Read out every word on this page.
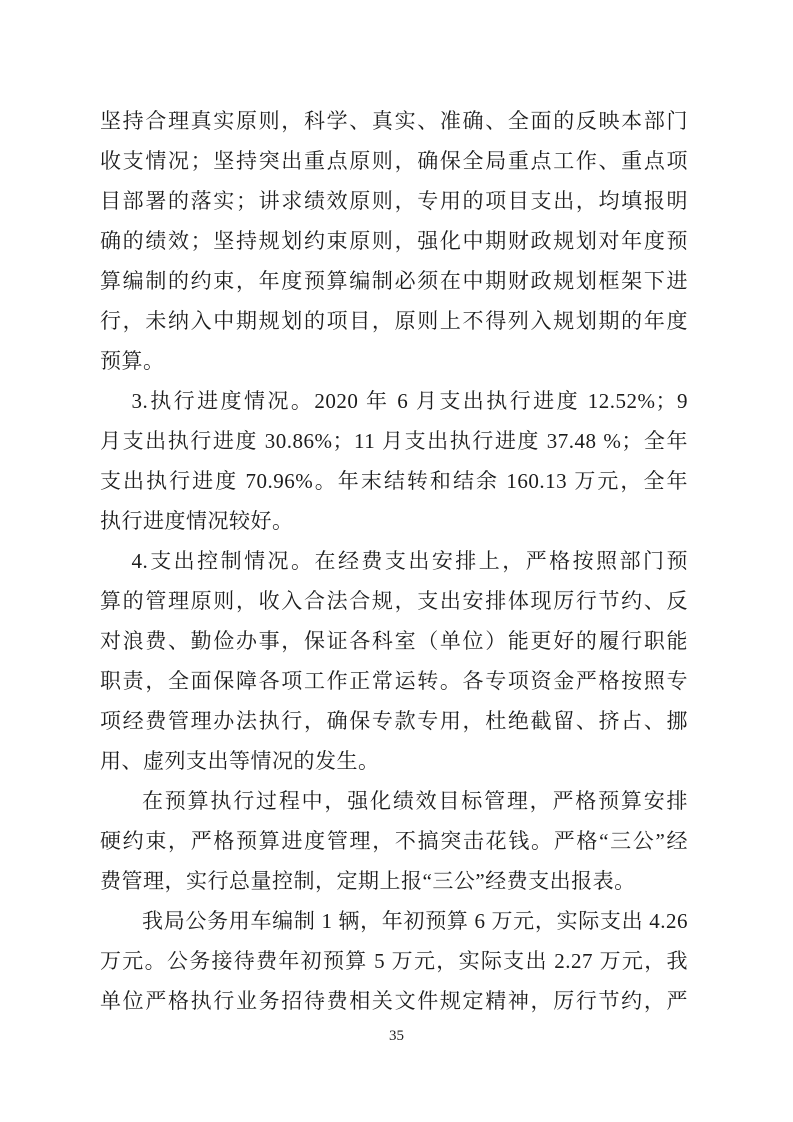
坚持合理真实原则，科学、真实、准确、全面的反映本部门
收支情况；坚持突出重点原则，确保全局重点工作、重点项
目部署的落实；讲求绩效原则，专用的项目支出，均填报明
确的绩效；坚持规划约束原则，强化中期财政规划对年度预
算编制的约束，年度预算编制必须在中期财政规划框架下进
行，未纳入中期规划的项目，原则上不得列入规划期的年度
预算。
3.执行进度情况。2020 年 6 月支出执行进度 12.52%；9
月支出执行进度 30.86%；11 月支出执行进度 37.48 %；全年
支出执行进度 70.96%。年末结转和结余 160.13 万元，全年
执行进度情况较好。
4.支出控制情况。在经费支出安排上，严格按照部门预
算的管理原则，收入合法合规，支出安排体现厉行节约、反
对浪费、勤俭办事，保证各科室（单位）能更好的履行职能
职责，全面保障各项工作正常运转。各专项资金严格按照专
项经费管理办法执行，确保专款专用，杜绝截留、挤占、挪
用、虚列支出等情况的发生。
在预算执行过程中，强化绩效目标管理，严格预算安排
硬约束，严格预算进度管理，不搞突击花钱。严格“三公”经
费管理，实行总量控制，定期上报“三公”经费支出报表。
我局公务用车编制 1 辆，年初预算 6 万元，实际支出 4.26
万元。公务接待费年初预算 5 万元，实际支出 2.27 万元，我
单位严格执行业务招待费相关文件规定精神，厉行节约，严
35
